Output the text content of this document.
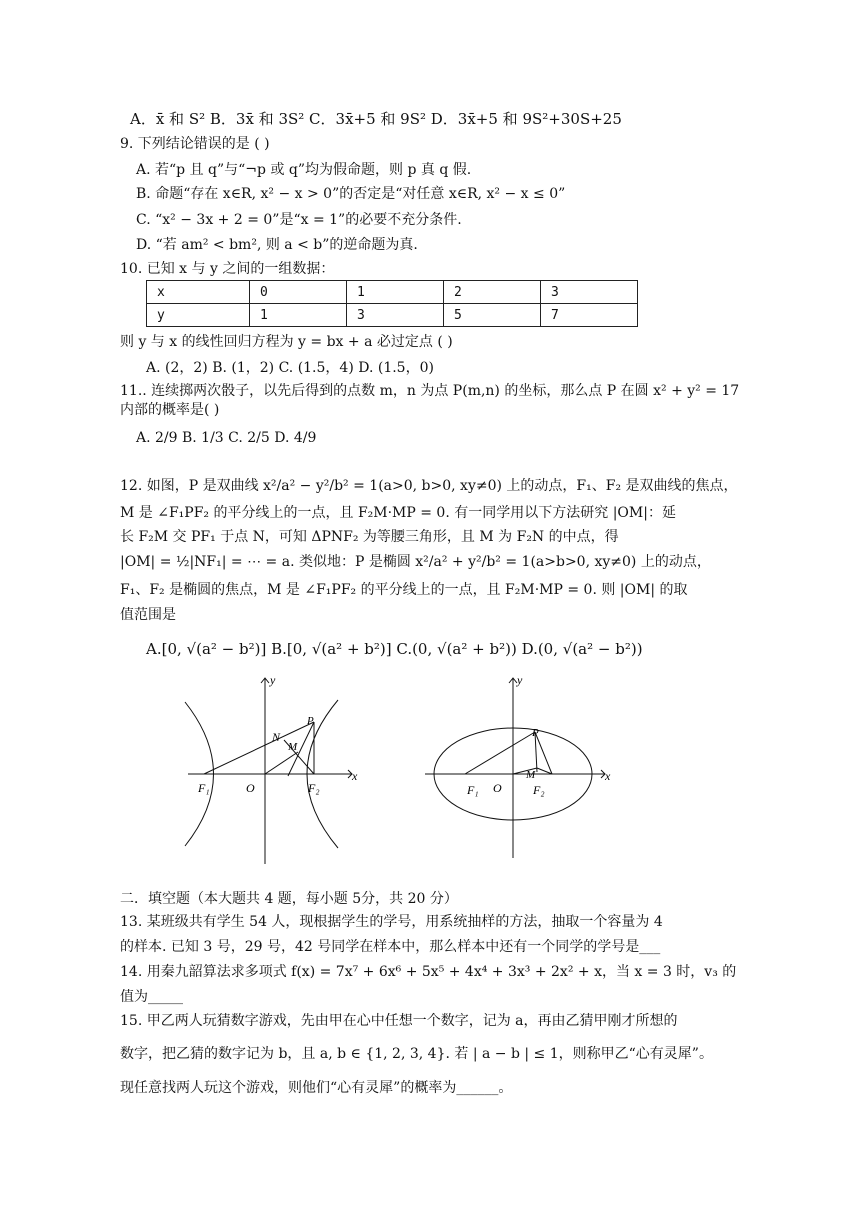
A．x̄ 和 S² B．3x̄ 和 3S² C．3x̄+5 和 9S² D．3x̄+5 和 9S²+30S+25
9. 下列结论错误的是 ( )
A. 若“p 且 q”与“¬p 或 q”均为假命题，则 p 真 q 假.
B. 命题“存在 x∈R, x² − x > 0”的否定是“对任意 x∈R, x² − x ≤ 0”
C. “x² − 3x + 2 = 0”是“x = 1”的必要不充分条件.
D. “若 am² < bm², 则 a < b”的逆命题为真.
10. 已知 x 与 y 之间的一组数据：
x	0	1	2	3
y	1	3	5	7
则 y 与 x 的线性回归方程为 y = bx + a 必过定点 ( )
A. (2，2) B. (1，2) C. (1.5，4) D. (1.5，0)
11.. 连续掷两次骰子，以先后得到的点数 m，n 为点 P(m,n) 的坐标，那么点 P 在圆 x² + y² = 17
内部的概率是( )
A. 2/9 B. 1/3 C. 2/5 D. 4/9
12. 如图，P 是双曲线 x²/a² − y²/b² = 1(a>0, b>0, xy≠0) 上的动点，F₁、F₂ 是双曲线的焦点，
M 是 ∠F₁PF₂ 的平分线上的一点，且 F₂M·MP = 0. 有一同学用以下方法研究 |OM|：延
长 F₂M 交 PF₁ 于点 N，可知 ΔPNF₂ 为等腰三角形，且 M 为 F₂N 的中点，得
|OM| = ½|NF₁| = ⋯ = a. 类似地：P 是椭圆 x²/a² + y²/b² = 1(a>b>0, xy≠0) 上的动点，
F₁、F₂ 是椭圆的焦点，M 是 ∠F₁PF₂ 的平分线上的一点，且 F₂M·MP = 0. 则 |OM| 的取
值范围是
A.[0, √(a² − b²)] B.[0, √(a² + b²)] C.(0, √(a² + b²)) D.(0, √(a² − b²))
y
x
P
N
M
F₁	O	F₂
y
x
P
M
F₁ O	F₂
二．填空题（本大题共 4 题，每小题 5分，共 20 分）
13. 某班级共有学生 54 人，现根据学生的学号，用系统抽样的方法，抽取一个容量为 4
的样本. 已知 3 号，29 号，42 号同学在样本中，那么样本中还有一个同学的学号是___
14. 用秦九韶算法求多项式 f(x) = 7x⁷ + 6x⁶ + 5x⁵ + 4x⁴ + 3x³ + 2x² + x，当 x = 3 时，v₃ 的
值为_____
15. 甲乙两人玩猜数字游戏，先由甲在心中任想一个数字，记为 a，再由乙猜甲刚才所想的
数字，把乙猜的数字记为 b，且 a, b ∈ {1, 2, 3, 4}. 若 | a − b | ≤ 1，则称甲乙“心有灵犀”。
现任意找两人玩这个游戏，则他们“心有灵犀”的概率为______。
